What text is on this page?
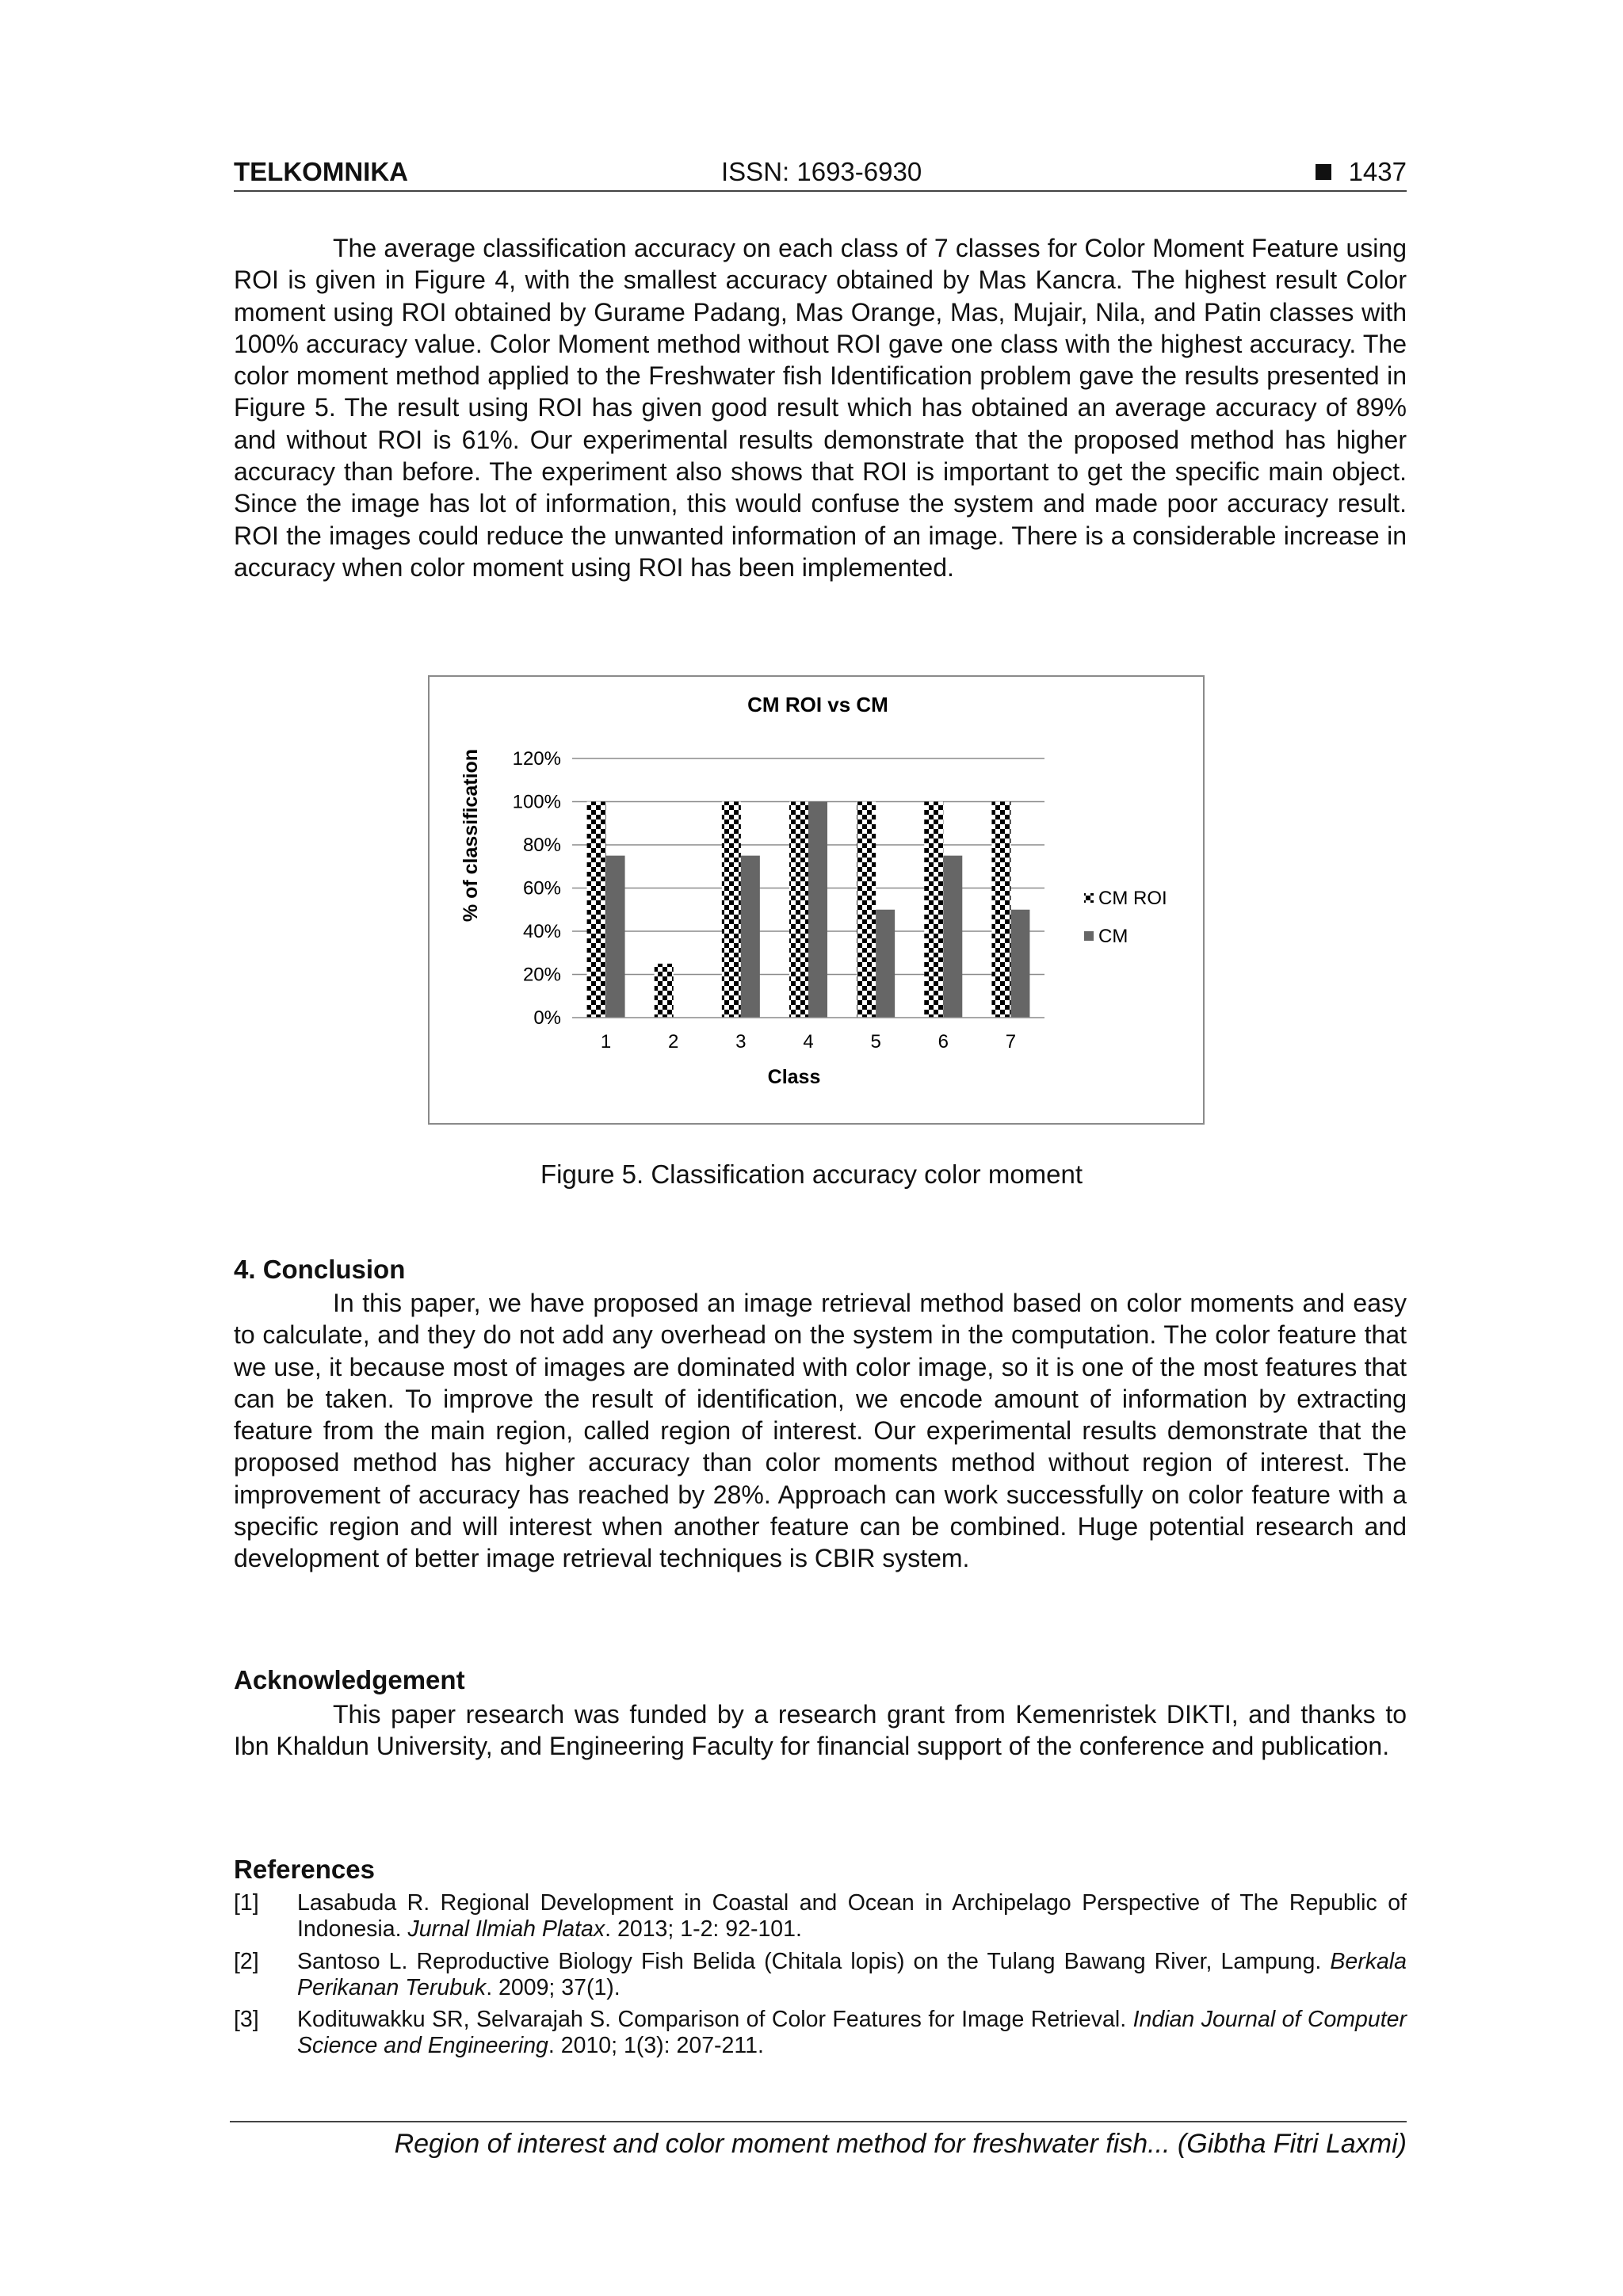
TELKOMNIKA	ISSN: 1693-6930	1437
The average classification accuracy on each class of 7 classes for Color Moment Feature using ROI is given in Figure 4, with the smallest accuracy obtained by Mas Kancra. The highest result Color moment using ROI obtained by Gurame Padang, Mas Orange, Mas, Mujair, Nila, and Patin classes with 100% accuracy value. Color Moment method without ROI gave one class with the highest accuracy. The color moment method applied to the Freshwater fish Identification problem gave the results presented in Figure 5. The result using ROI has given good result which has obtained an average accuracy of 89% and without ROI is 61%. Our experimental results demonstrate that the proposed method has higher accuracy than before. The experiment also shows that ROI is important to get the specific main object. Since the image has lot of information, this would confuse the system and made poor accuracy result. ROI the images could reduce the unwanted information of an image. There is a considerable increase in accuracy when color moment using ROI has been implemented.
CM ROI vs CM
0%
20%
40%
60%
80%
100%
120%
1	2	3	4	5	6	7
% of classification
Class
CM ROI
CM
Figure 5. Classification accuracy color moment
4. Conclusion
In this paper, we have proposed an image retrieval method based on color moments and easy to calculate, and they do not add any overhead on the system in the computation. The color feature that we use, it because most of images are dominated with color image, so it is one of the most features that can be taken. To improve the result of identification, we encode amount of information by extracting feature from the main region, called region of interest. Our experimental results demonstrate that the proposed method has higher accuracy than color moments method without region of interest. The improvement of accuracy has reached by 28%. Approach can work successfully on color feature with a specific region and will interest when another feature can be combined. Huge potential research and development of better image retrieval techniques is CBIR system.
Acknowledgement
This paper research was funded by a research grant from Kemenristek DIKTI, and thanks to Ibn Khaldun University, and Engineering Faculty for financial support of the conference and publication.
References
[1] Lasabuda R. Regional Development in Coastal and Ocean in Archipelago Perspective of The Republic of Indonesia. Jurnal Ilmiah Platax. 2013; 1-2: 92-101.
[2] Santoso L. Reproductive Biology Fish Belida (Chitala lopis) on the Tulang Bawang River, Lampung. Berkala Perikanan Terubuk. 2009; 37(1).
[3] Kodituwakku SR, Selvarajah S. Comparison of Color Features for Image Retrieval. Indian Journal of Computer Science and Engineering. 2010; 1(3): 207-211.
Region of interest and color moment method for freshwater fish... (Gibtha Fitri Laxmi)
